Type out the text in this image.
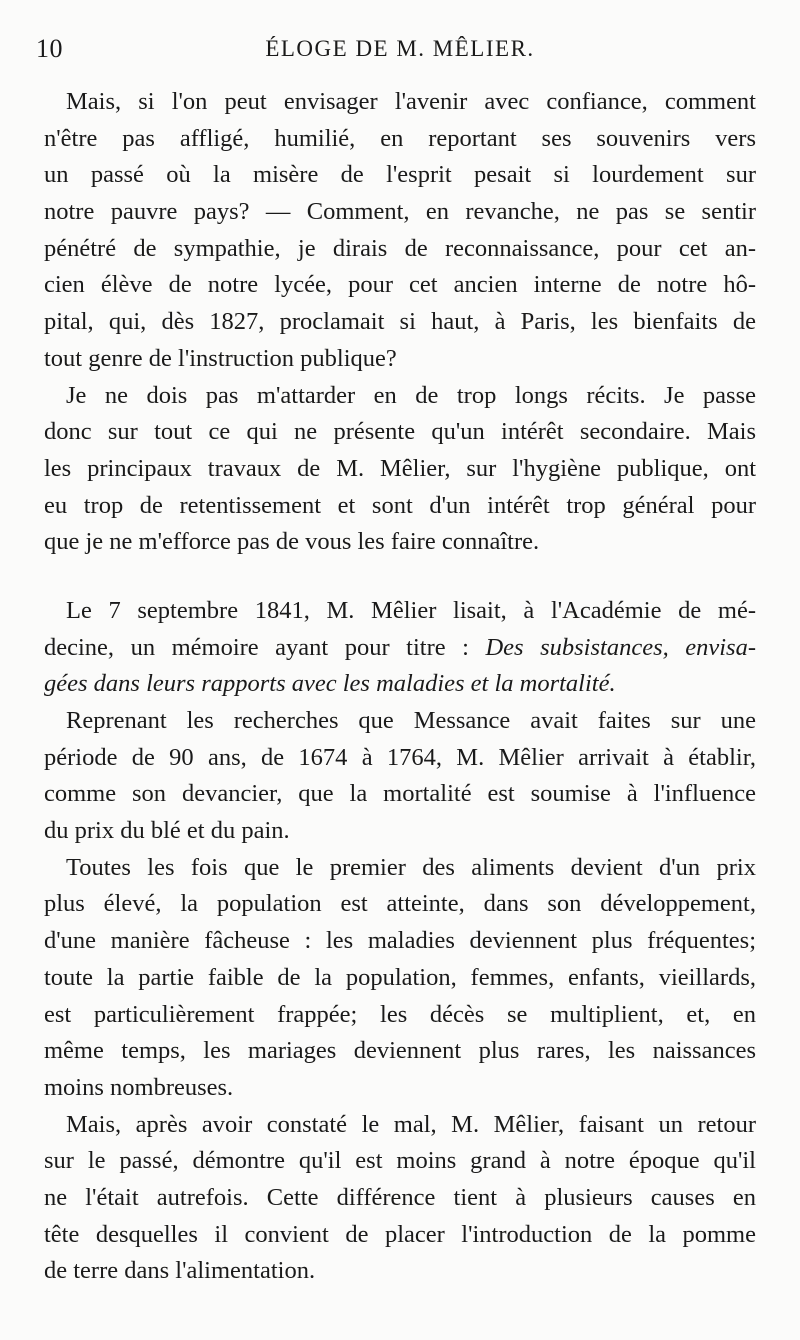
10	ÉLOGE DE M. MÊLIER.
Mais, si l'on peut envisager l'avenir avec confiance, comment
n'être pas affligé, humilié, en reportant ses souvenirs vers
un passé où la misère de l'esprit pesait si lourdement sur
notre pauvre pays? — Comment, en revanche, ne pas se sentir
pénétré de sympathie, je dirais de reconnaissance, pour cet an-
cien élève de notre lycée, pour cet ancien interne de notre hô-
pital, qui, dès 1827, proclamait si haut, à Paris, les bienfaits de
tout genre de l'instruction publique?
Je ne dois pas m'attarder en de trop longs récits. Je passe
donc sur tout ce qui ne présente qu'un intérêt secondaire. Mais
les principaux travaux de M. Mêlier, sur l'hygiène publique, ont
eu trop de retentissement et sont d'un intérêt trop général pour
que je ne m'efforce pas de vous les faire connaître.
Le 7 septembre 1841, M. Mêlier lisait, à l'Académie de mé-
decine, un mémoire ayant pour titre : Des subsistances, envisa-
gées dans leurs rapports avec les maladies et la mortalité.
Reprenant les recherches que Messance avait faites sur une
période de 90 ans, de 1674 à 1764, M. Mêlier arrivait à établir,
comme son devancier, que la mortalité est soumise à l'influence
du prix du blé et du pain.
Toutes les fois que le premier des aliments devient d'un prix
plus élevé, la population est atteinte, dans son développement,
d'une manière fâcheuse : les maladies deviennent plus fréquentes;
toute la partie faible de la population, femmes, enfants, vieillards,
est particulièrement frappée; les décès se multiplient, et, en
même temps, les mariages deviennent plus rares, les naissances
moins nombreuses.
Mais, après avoir constaté le mal, M. Mêlier, faisant un retour
sur le passé, démontre qu'il est moins grand à notre époque qu'il
ne l'était autrefois. Cette différence tient à plusieurs causes en
tête desquelles il convient de placer l'introduction de la pomme
de terre dans l'alimentation.
